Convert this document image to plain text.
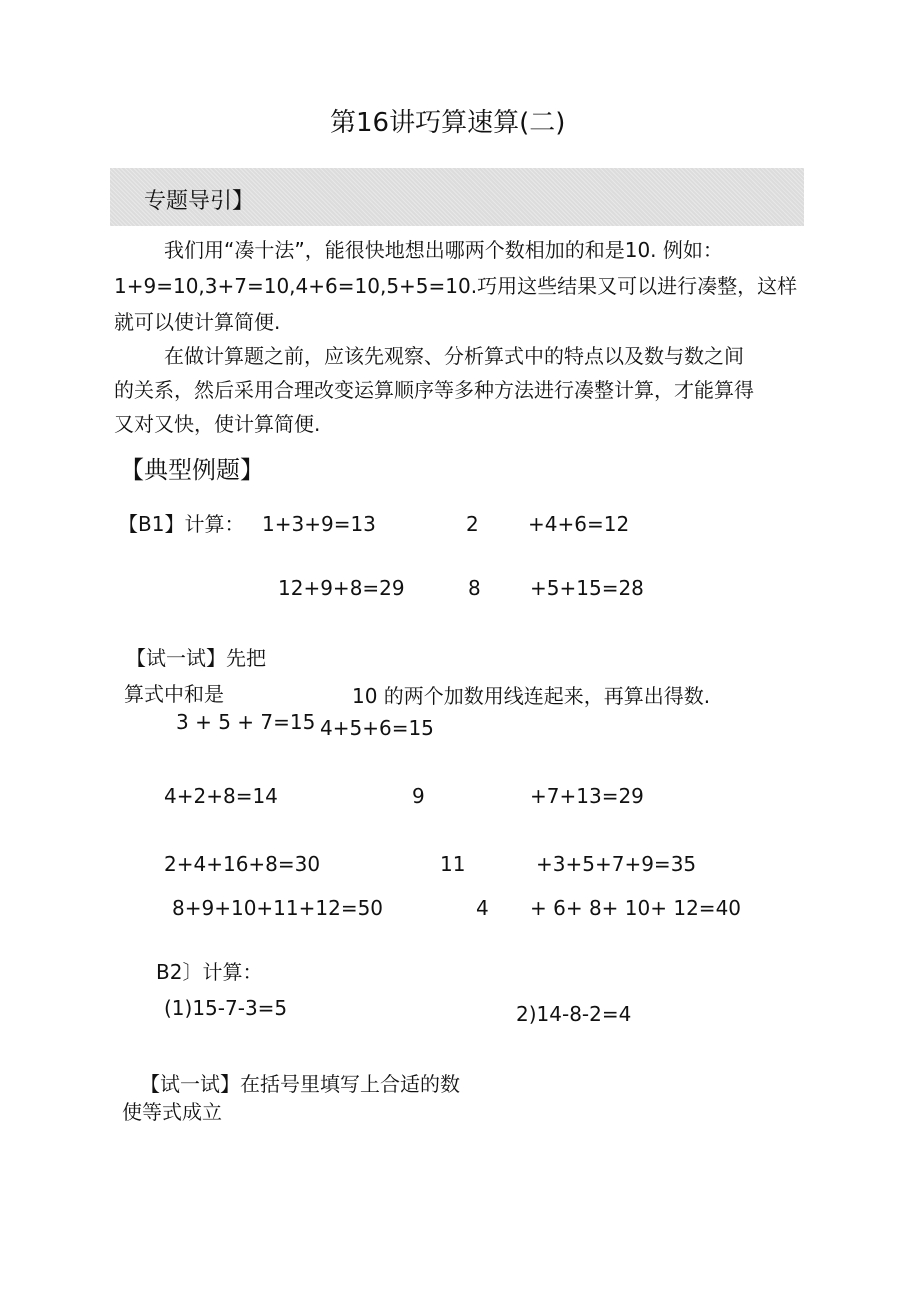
第16讲巧算速算(二)
专题导引】
我们用“凑十法”，能很快地想出哪两个数相加的和是10. 例如：
1+9=10,3+7=10,4+6=10,5+5=10.巧用这些结果又可以进行凑整，这样
就可以使计算简便.
在做计算题之前，应该先观察、分析算式中的特点以及数与数之间
的关系，然后采用合理改变运算顺序等多种方法进行凑整计算，才能算得
又对又快，使计算简便.
【典型例题】
【B1】计算： 1+3+9=13	2 +4+6=12
12+9+8=29	8 +5+15=28
【试一试】先把
算式中和是	10 的两个加数用线连起来，再算出得数.
3 + 5 + 7=15 4+5+6=15
4+2+8=14	9	+7+13=29
2+4+16+8=30	11	+3+5+7+9=35
8+9+10+11+12=50	4 + 6+ 8+ 10+ 12=40
B2〕计算：
(1)15-7-3=5	2)14-8-2=4
【试一试】在括号里填写上合适的数
使等式成立
